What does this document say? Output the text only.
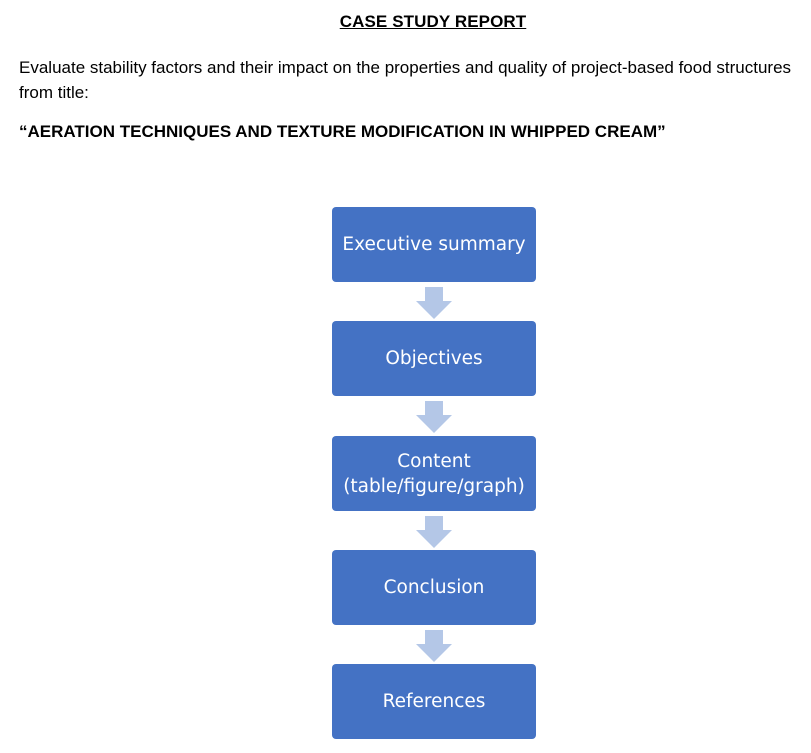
CASE STUDY REPORT
Evaluate stability factors and their impact on the properties and quality of project-based food structures from title:
“AERATION TECHNIQUES AND TEXTURE MODIFICATION IN WHIPPED CREAM”
Executive summary
Objectives
Content
(table/figure/graph)
Conclusion
References
